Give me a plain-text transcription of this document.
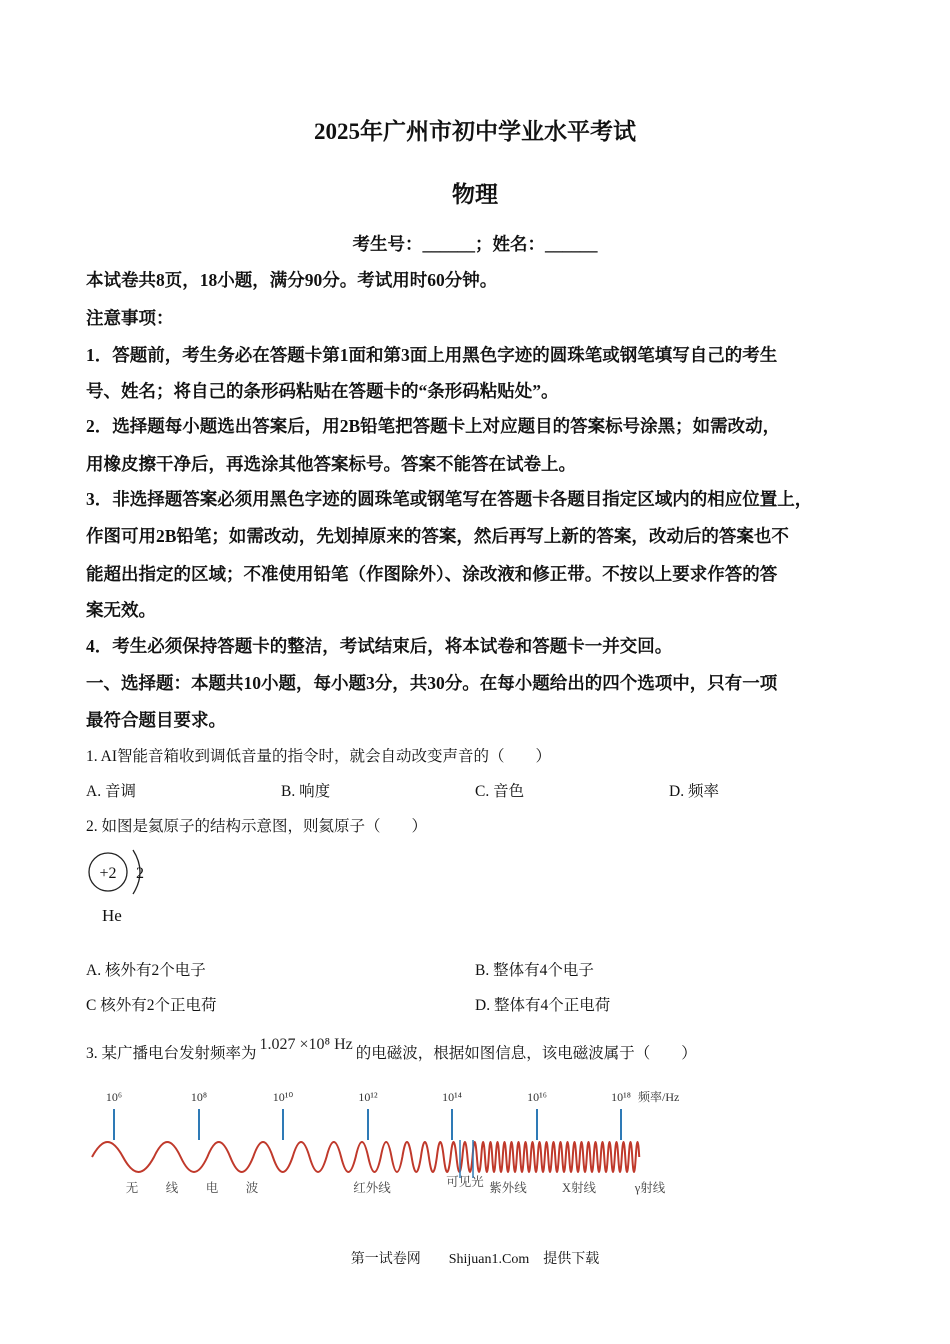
2025年广州市初中学业水平考试
物理
考生号：______；姓名：______
本试卷共8页，18小题，满分90分。考试用时60分钟。
注意事项：
1．答题前，考生务必在答题卡第1面和第3面上用黑色字迹的圆珠笔或钢笔填写自己的考生
号、姓名；将自己的条形码粘贴在答题卡的“条形码粘贴处”。
2．选择题每小题选出答案后，用2B铅笔把答题卡上对应题目的答案标号涂黑；如需改动，
用橡皮擦干净后，再选涂其他答案标号。答案不能答在试卷上。
3．非选择题答案必须用黑色字迹的圆珠笔或钢笔写在答题卡各题目指定区域内的相应位置上，
作图可用2B铅笔；如需改动，先划掉原来的答案，然后再写上新的答案，改动后的答案也不
能超出指定的区域；不准使用铅笔（作图除外）、涂改液和修正带。不按以上要求作答的答
案无效。
4．考生必须保持答题卡的整洁，考试结束后，将本试卷和答题卡一并交回。
一、选择题：本题共10小题，每小题3分，共30分。在每小题给出的四个选项中，只有一项
最符合题目要求。
1. AI智能音箱收到调低音量的指令时，就会自动改变声音的（　　）
A. 音调	B. 响度	C. 音色	D. 频率
2. 如图是氦原子的结构示意图，则氦原子（　　）
+2 2
He
A. 核外有2个电子	B. 整体有4个电子
C 核外有2个正电荷	D. 整体有4个正电荷
3. 某广播电台发射频率为1.027 ×10⁸ Hz的电磁波，根据如图信息，该电磁波属于（　　）
10⁶	10⁸	10¹⁰	10¹²	10¹⁴	10¹⁶	10¹⁸ 频率/Hz
无 线 电 波	红外线	可见光 紫外线	X射线	γ射线
第一试卷网　　Shijuan1.Com　提供下载
